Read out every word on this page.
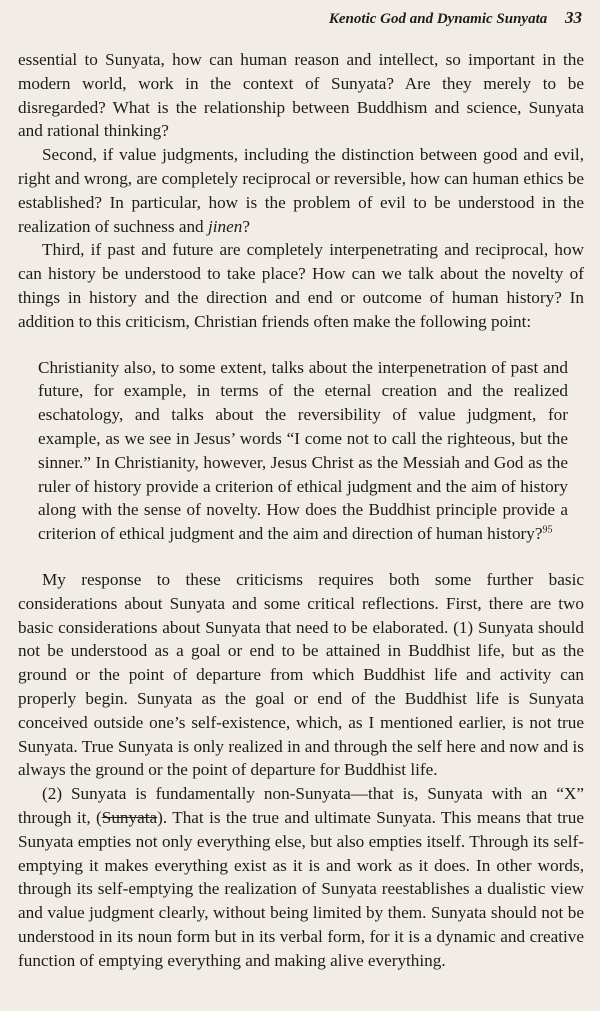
Kenotic God and Dynamic Sunyata 33

essential to Sunyata, how can human reason and intellect, so important in the modern world, work in the context of Sunyata? Are they merely to be disregarded? What is the relationship between Buddhism and science, Sunyata and rational thinking?

Second, if value judgments, including the distinction between good and evil, right and wrong, are completely reciprocal or reversible, how can human ethics be established? In particular, how is the problem of evil to be understood in the realization of suchness and jinen?

Third, if past and future are completely interpenetrating and reciprocal, how can history be understood to take place? How can we talk about the novelty of things in history and the direction and end or outcome of human history? In addition to this criticism, Christian friends often make the following point:

Christianity also, to some extent, talks about the interpenetration of past and future, for example, in terms of the eternal creation and the realized eschatology, and talks about the reversibility of value judgment, for example, as we see in Jesus’ words “I come not to call the righteous, but the sinner.” In Christianity, however, Jesus Christ as the Messiah and God as the ruler of history provide a criterion of ethical judgment and the aim of history along with the sense of novelty. How does the Buddhist principle provide a criterion of ethical judgment and the aim and direction of human history?$^{95}$

My response to these criticisms requires both some further basic considerations about Sunyata and some critical reflections. First, there are two basic considerations about Sunyata that need to be elaborated. (1) Sunyata should not be understood as a goal or end to be attained in Buddhist life, but as the ground or the point of departure from which Buddhist life and activity can properly begin. Sunyata as the goal or end of the Buddhist life is Sunyata conceived outside one’s self-existence, which, as I mentioned earlier, is not true Sunyata. True Sunyata is only realized in and through the self here and now and is always the ground or the point of departure for Buddhist life.

(2) Sunyata is fundamentally non-Sunyata—that is, Sunyata with an “X” through it, (Sunyata). That is the true and ultimate Sunyata. This means that true Sunyata empties not only everything else, but also empties itself. Through its self-emptying it makes everything exist as it is and work as it does. In other words, through its self-emptying the realization of Sunyata reestablishes a dualistic view and value judgment clearly, without being limited by them. Sunyata should not be understood in its noun form but in its verbal form, for it is a dynamic and creative function of emptying everything and making alive everything.
